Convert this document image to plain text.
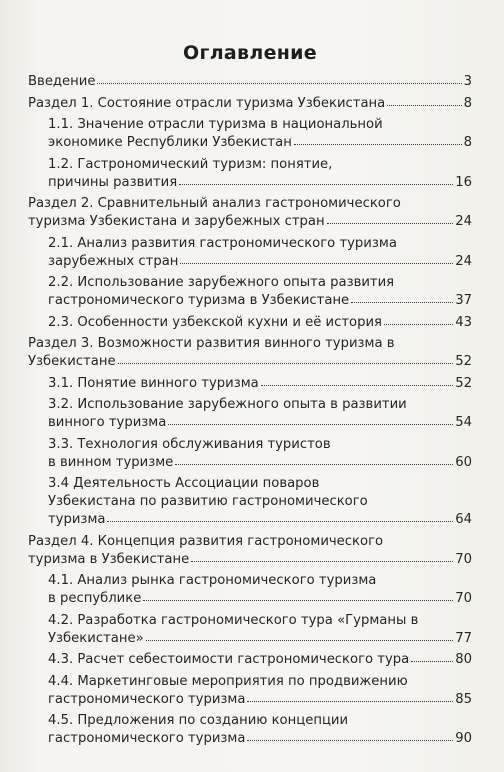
Оглавление
Введение	3
Раздел 1. Состояние отрасли туризма Узбекистана	8
1.1. Значение отрасли туризма в национальной
экономике Республики Узбекистан	8
1.2. Гастрономический туризм: понятие,
причины развития	16
Раздел 2. Сравнительный анализ гастрономического
туризма Узбекистана и зарубежных стран	24
2.1. Анализ развития гастрономического туризма
зарубежных стран	24
2.2. Использование зарубежного опыта развития
гастрономического туризма в Узбекистане	37
2.3. Особенности узбекской кухни и её история	43
Раздел 3. Возможности развития винного туризма в
Узбекистане	52
3.1. Понятие винного туризма	52
3.2. Использование зарубежного опыта в развитии
винного туризма	54
3.3. Технология обслуживания туристов
в винном туризме	60
3.4 Деятельность Ассоциации поваров
Узбекистана по развитию гастрономического
туризма	64
Раздел 4. Концепция развития гастрономического
туризма в Узбекистане	70
4.1. Анализ рынка гастрономического туризма
в республике	70
4.2. Разработка гастрономического тура «Гурманы в
Узбекистане»	77
4.3. Расчет себестоимости гастрономического тура	80
4.4. Маркетинговые мероприятия по продвижению
гастрономического туризма	85
4.5. Предложения по созданию концепции
гастрономического туризма	90
